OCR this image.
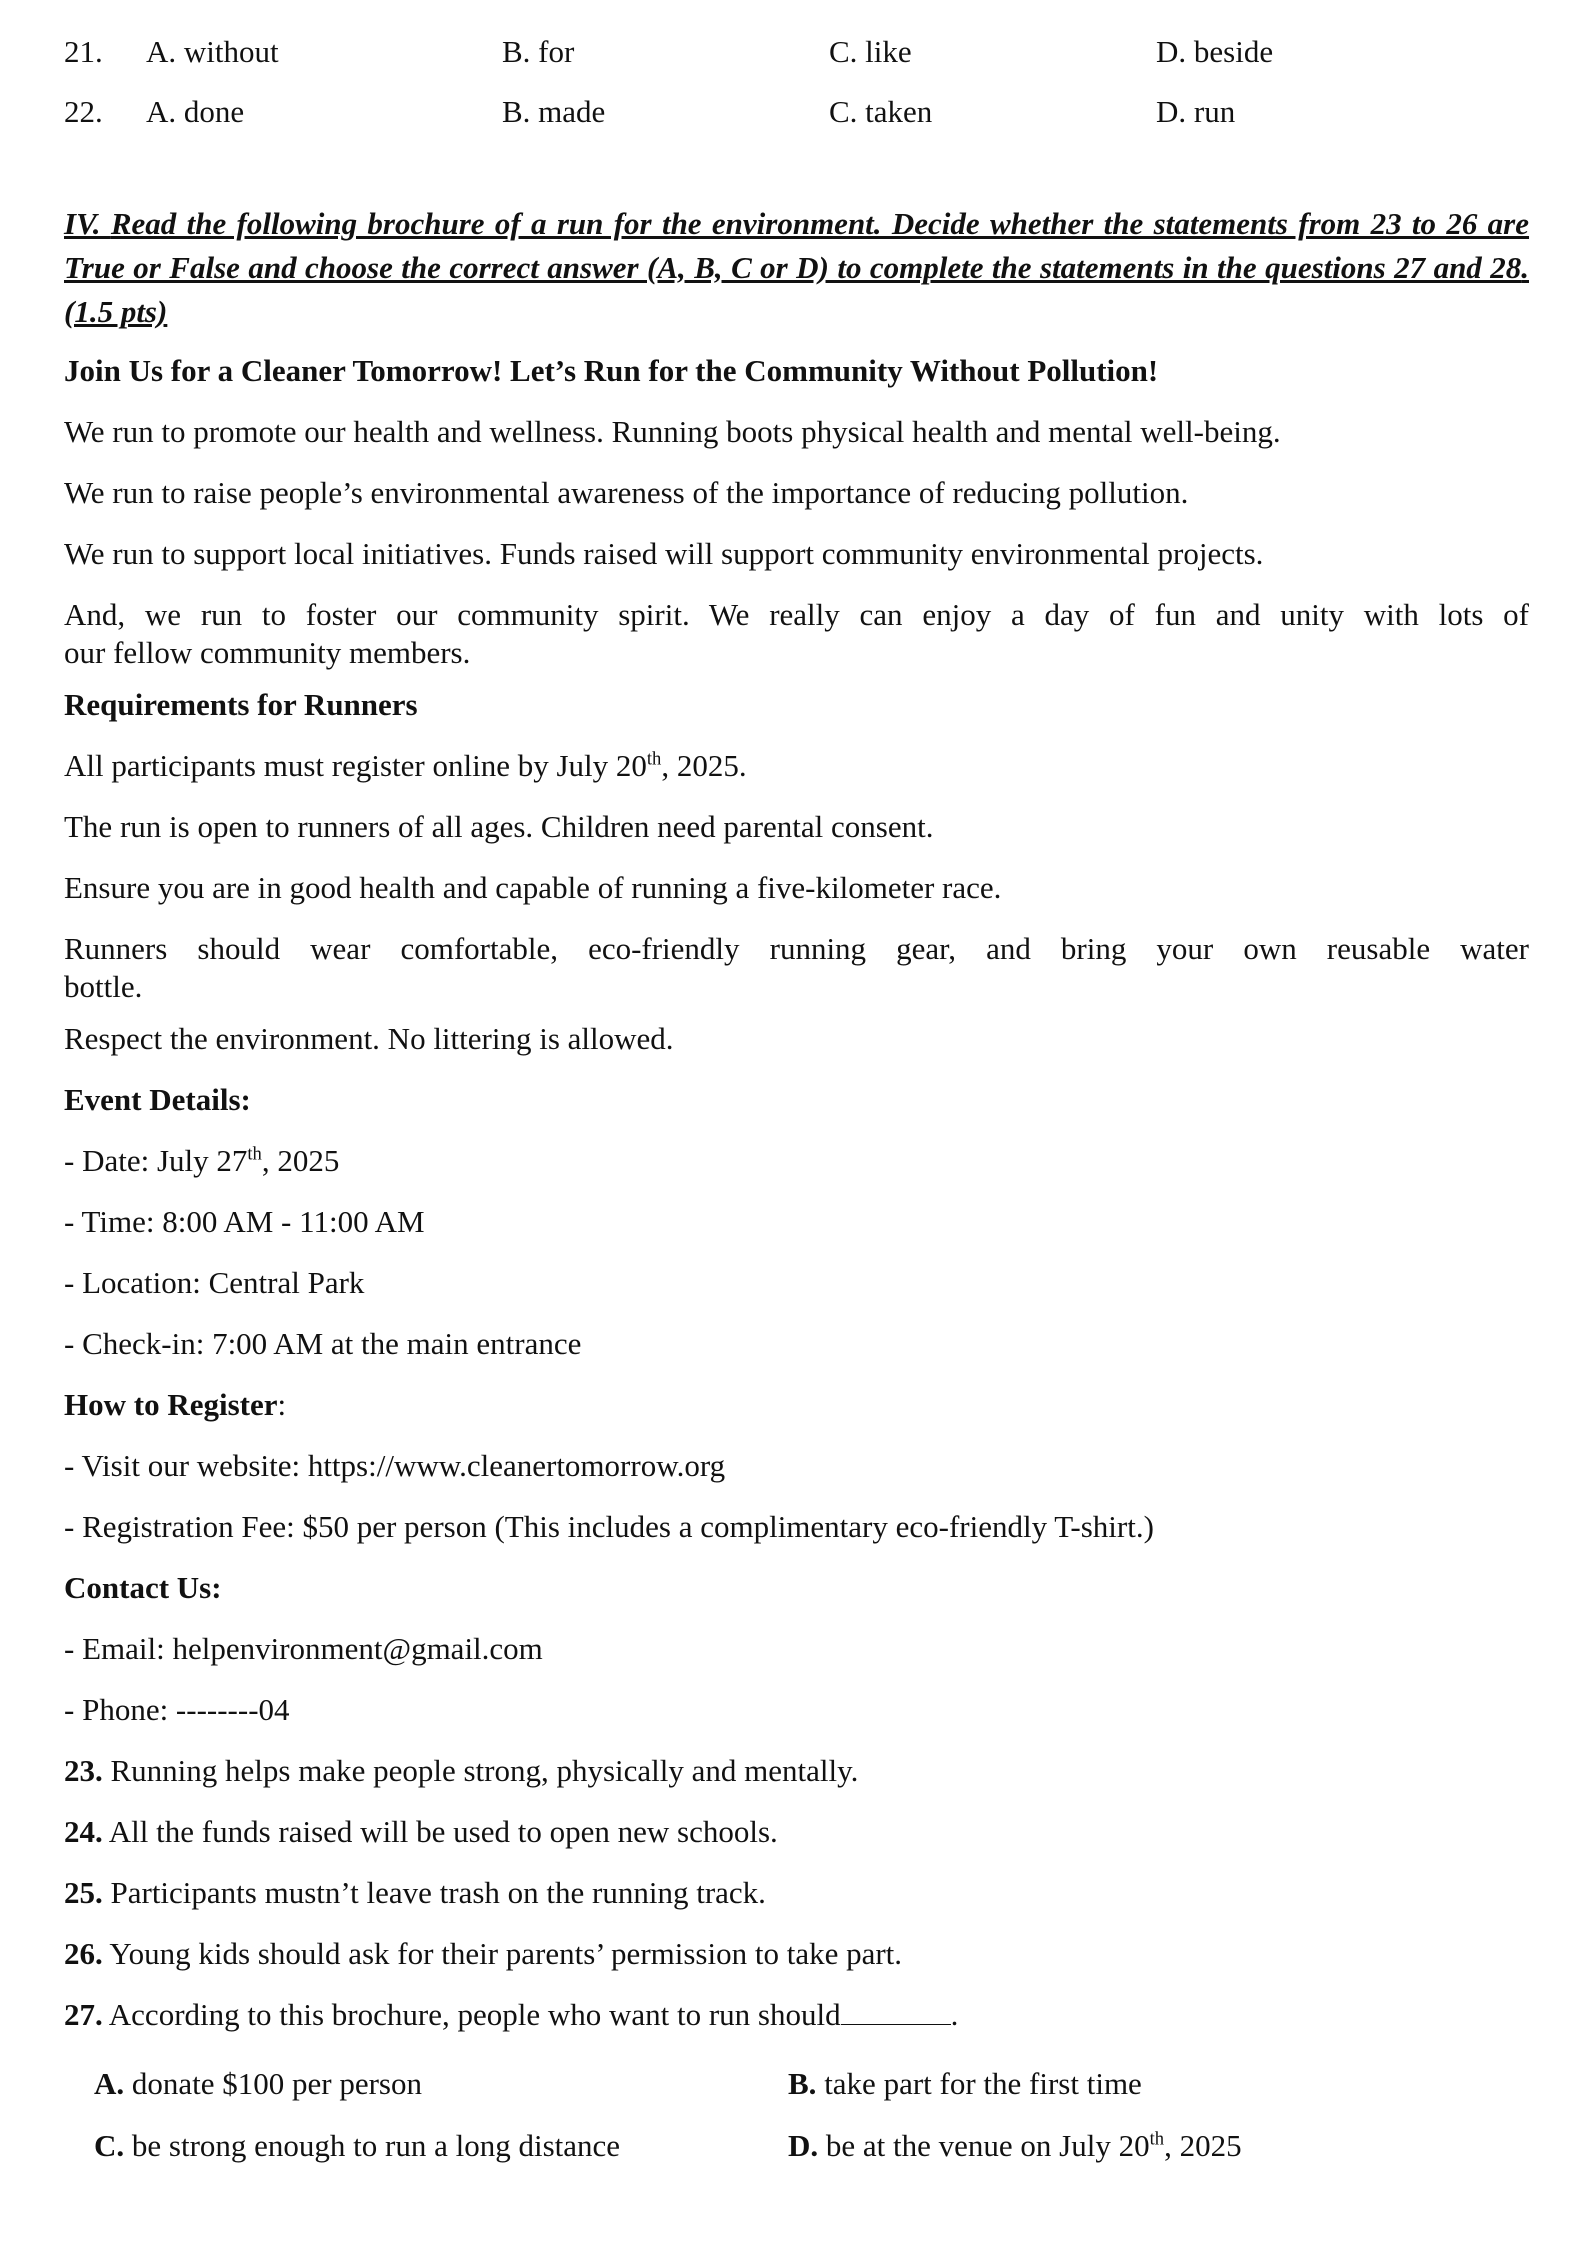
21.	A. without	B. for	C. like	D. beside
22.	A. done	B. made	C. taken	D. run
IV. Read the following brochure of a run for the environment. Decide whether the statements from 23 to 26 are True or False and choose the correct answer (A, B, C or D) to complete the statements in the questions 27 and 28. (1.5 pts)

Join Us for a Cleaner Tomorrow! Let’s Run for the Community Without Pollution!

We run to promote our health and wellness. Running boots physical health and mental well-being.

We run to raise people’s environmental awareness of the importance of reducing pollution.

We run to support local initiatives. Funds raised will support community environmental projects.

And, we run to foster our community spirit. We really can enjoy a day of fun and unity with lots of
our fellow community members.

Requirements for Runners

All participants must register online by July 20th, 2025.

The run is open to runners of all ages. Children need parental consent.

Ensure you are in good health and capable of running a five-kilometer race.

Runners should wear comfortable, eco-friendly running gear, and bring your own reusable water
bottle.

Respect the environment. No littering is allowed.

Event Details:

- Date: July 27th, 2025

- Time: 8:00 AM - 11:00 AM

- Location: Central Park

- Check-in: 7:00 AM at the main entrance

How to Register:

- Visit our website: https://www.cleanertomorrow.org

- Registration Fee: $50 per person (This includes a complimentary eco-friendly T-shirt.)

Contact Us:

- Email: helpenvironment@gmail.com

- Phone: --------04

23. Running helps make people strong, physically and mentally.

24. All the funds raised will be used to open new schools.

25. Participants mustn’t leave trash on the running track.

26. Young kids should ask for their parents’ permission to take part.

27. According to this brochure, people who want to run should	.

A. donate $100 per person	B. take part for the first time
C. be strong enough to run a long distance	D. be at the venue on July 20th, 2025
